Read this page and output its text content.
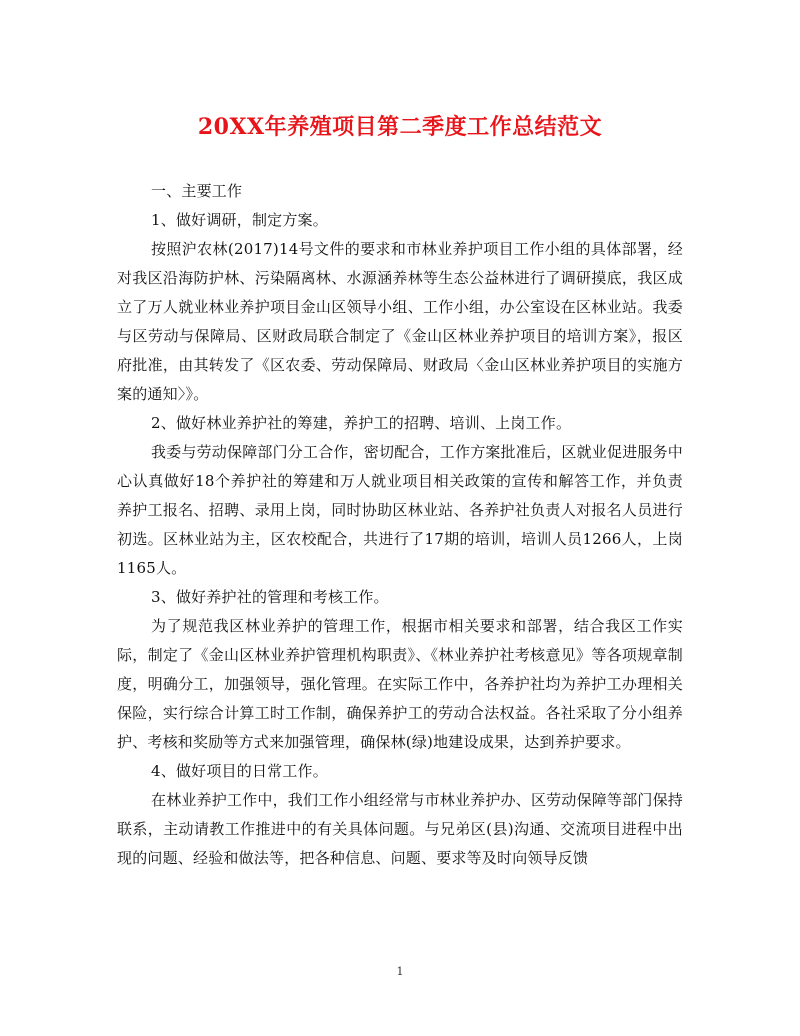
20XX年养殖项目第二季度工作总结范文

一、主要工作

1、做好调研，制定方案。

按照沪农林(2017)14号文件的要求和市林业养护项目工作小组的具体部署，经对我区沿海防护林、污染隔离林、水源涵养林等生态公益林进行了调研摸底，我区成立了万人就业林业养护项目金山区领导小组、工作小组，办公室设在区林业站。我委与区劳动与保障局、区财政局联合制定了《金山区林业养护项目的培训方案》，报区府批准，由其转发了《区农委、劳动保障局、财政局〈金山区林业养护项目的实施方案的通知〉》。

2、做好林业养护社的筹建，养护工的招聘、培训、上岗工作。

我委与劳动保障部门分工合作，密切配合，工作方案批准后，区就业促进服务中心认真做好18个养护社的筹建和万人就业项目相关政策的宣传和解答工作，并负责养护工报名、招聘、录用上岗，同时协助区林业站、各养护社负责人对报名人员进行初选。区林业站为主，区农校配合，共进行了17期的培训，培训人员1266人，上岗1165人。

3、做好养护社的管理和考核工作。

为了规范我区林业养护的管理工作，根据市相关要求和部署，结合我区工作实际，制定了《金山区林业养护管理机构职责》、《林业养护社考核意见》等各项规章制度，明确分工，加强领导，强化管理。在实际工作中，各养护社均为养护工办理相关保险，实行综合计算工时工作制，确保养护工的劳动合法权益。各社采取了分小组养护、考核和奖励等方式来加强管理，确保林(绿)地建设成果，达到养护要求。

4、做好项目的日常工作。

在林业养护工作中，我们工作小组经常与市林业养护办、区劳动保障等部门保持联系，主动请教工作推进中的有关具体问题。与兄弟区(县)沟通、交流项目进程中出现的问题、经验和做法等，把各种信息、问题、要求等及时向领导反馈

1
